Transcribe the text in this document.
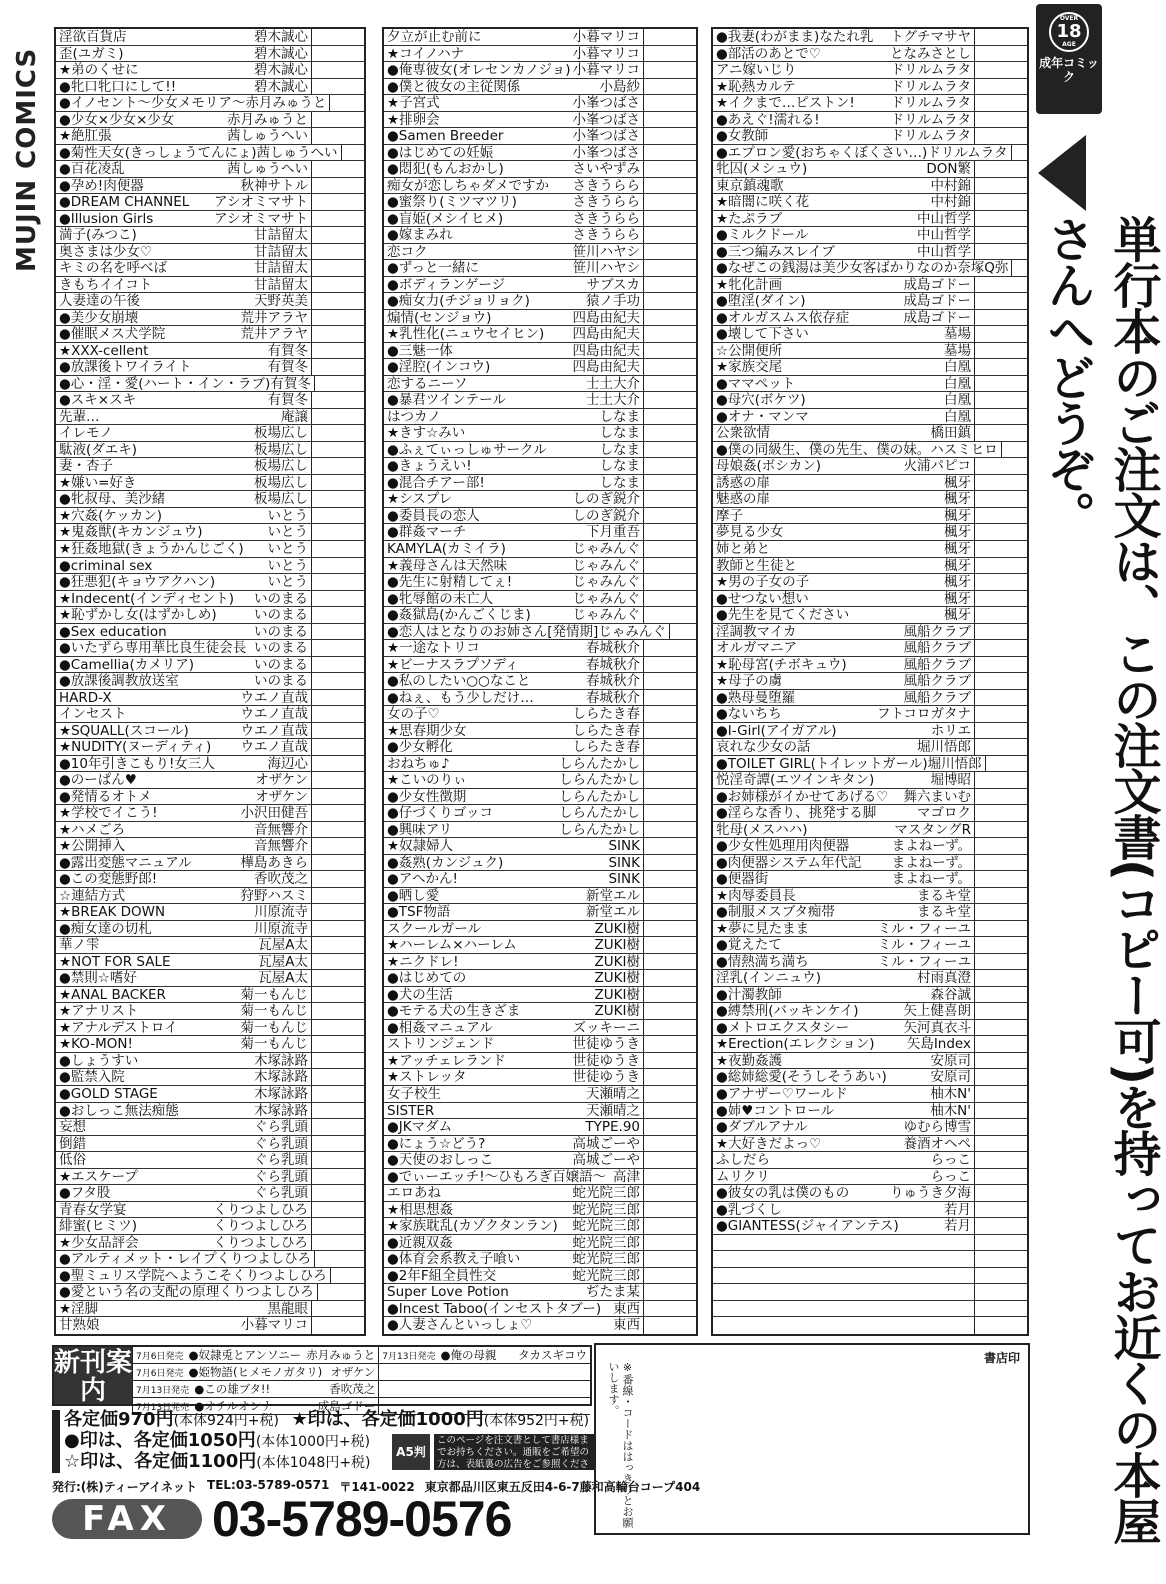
MUJIN COMICS
淫欲百貨店	碧木誠心
歪(ユガミ)	碧木誠心
★弟のくせに	碧木誠心
●牝口牝口にして!!	碧木誠心
●イノセント〜少女メモリア〜 赤月みゅうと
●少女×少女×少女	赤月みゅうと
★絶肛張	茜しゅうへい
●菊性天女(きっしょうてんにょ) 茜しゅうへい
●百花凌乱	茜しゅうへい
●孕め!肉便器	秋神サトル
●DREAM CHANNEL	アシオミマサト
●Illusion Girls	アシオミマサト
満子(みつこ)	甘詰留太
奥さまは少女♡	甘詰留太
キミの名を呼べば	甘詰留太
きもちイイコト	甘詰留太
人妻達の午後	天野英美
●美少女崩壊	荒井アラヤ
●催眠メス犬学院	荒井アラヤ
★XXX-cellent	有賀冬
●放課後トワイライト	有賀冬
●心・淫・愛(ハート・イン・ラブ) 有賀冬
●スキ×スキ	有賀冬
先輩…	庵譲
イレモノ	板場広し
駄液(ダエキ)	板場広し
妻・杏子	板場広し
★嫌い=好き	板場広し
●牝叔母、美沙緒	板場広し
★穴姦(ケッカン)	いとう
★鬼姦獣(キカンジュウ)	いとう
★狂姦地獄(きょうかんじごく)	いとう
●criminal sex	いとう
●狂悪犯(キョウアクハン)	いとう
★Indecent(インディセント)	いのまる
★恥ずかし女(はずかしめ)	いのまる
●Sex education	いのまる
●いたずら専用華比良生徒会長 いのまる
●Camellia(カメリア)	いのまる
●放課後調教放送室	いのまる
HARD-X	ウエノ直哉
インセスト	ウエノ直哉
★SQUALL(スコール)	ウエノ直哉
★NUDITY(ヌーディティ)	ウエノ直哉
●10年引きこもり!女三人	海辺心
●のーぱん♥	オザケン
●発情るオトメ	オザケン
★学校でイこう!	小沢田健吾
★ハメごろ	音無響介
★公開挿入	音無響介
●露出変態マニュアル	樺島あきら
●この変態野郎!	香吹茂之
☆連結方式	狩野ハスミ
★BREAK DOWN	川原流寺
●痴女達の切札	川原流寺
華ノ雫	瓦屋A太
★NOT FOR SALE	瓦屋A太
●禁則☆嗜好	瓦屋A太
★ANAL BACKER	菊一もんじ
★アナリスト	菊一もんじ
★アナルデストロイ	菊一もんじ
★KO-MON!	菊一もんじ
●しょうすい	木塚詠路
●監禁入院	木塚詠路
●GOLD STAGE	木塚詠路
●おしっこ無法痴態	木塚詠路
妄想	ぐら乳頭
倒錯	ぐら乳頭
低俗	ぐら乳頭
★エスケープ	ぐら乳頭
●フタ股	ぐら乳頭
青春女学宴	くりつよしひろ
緋蜜(ヒミツ)	くりつよしひろ
★少女品評会	くりつよしひろ
●アルティメット・レイプ くりつよしひろ
●聖ミュリス学院へようこそ くりつよしひろ
●愛という名の支配の原理 くりつよしひろ
★淫脚	黒龍眼
甘熟娘	小暮マリコ
夕立が止む前に	小暮マリコ
★コイノハナ	小暮マリコ
●俺専彼女(オレセンカノジョ) 小暮マリコ
●僕と彼女の主従関係	小島紗
★子宮式	小峯つばさ
★排卵会	小峯つばさ
●Samen Breeder	小峯つばさ
●はじめての妊娠	小峯つばさ
●悶犯(もんおかし)	さいやずみ
痴女が恋しちゃダメですか	さきうらら
●蜜祭り(ミツマツリ)	さきうらら
●盲姫(メシイヒメ)	さきうらら
●嫁まみれ	さきうらら
恋コク	笹川ハヤシ
●ずっと一緒に	笹川ハヤシ
●ボディランゲージ	サブスカ
●痴女力(チジョリョク)	猿ノ手功
煽情(センジョウ)	四島由紀夫
★乳性化(ニュウセイヒン)	四島由紀夫
●三魅一体	四島由紀夫
●淫腔(インコウ)	四島由紀夫
恋するニーソ	士土大介
●暴君ツインテール	士土大介
はつカノ	しなま
★きす☆みい	しなま
●ふぇてぃっしゅサークル	しなま
●きょうえい!	しなま
●混合チアー部!	しなま
★シスプレ	しのぎ鋭介
●委員長の恋人	しのぎ鋭介
●群姦マーチ	下月重吾
KAMYLA(カミイラ)	じゃみんぐ
★義母さんは天然味	じゃみんぐ
●先生に射精してぇ!	じゃみんぐ
●牝辱館の未亡人	じゃみんぐ
●姦獄島(かんごくじま)	じゃみんぐ
●恋人はとなりのお姉さん[発情期] じゃみんぐ
★一途なトリコ	春城秋介
★ビーナスラプソディ	春城秋介
●私のしたい○○なこと	春城秋介
●ねぇ、もう少しだけ…	春城秋介
女の子♡	しらたき春
★思春期少女	しらたき春
●少女孵化	しらたき春
おねちゅ♪	しらんたかし
★こいのりぃ	しらんたかし
●少女性徴期	しらんたかし
●仔づくりゴッコ	しらんたかし
●興味アリ	しらんたかし
★奴隷婦人	SINK
●姦熟(カンジュク)	SINK
●アへかん!	SINK
●晒し愛	新堂エル
●TSF物語	新堂エル
スクールガール	ZUKI樹
★ハーレム×ハーレム	ZUKI樹
★ニクドレ!	ZUKI樹
●はじめての	ZUKI樹
●犬の生活	ZUKI樹
●モテる犬の生きざま	ZUKI樹
●相姦マニュアル	ズッキーニ
ストリンジェンド	世徒ゆうき
★アッチェレランド	世徒ゆうき
★ストレッタ	世徒ゆうき
女子校生	天瀬晴之
SISTER	天瀬晴之
●JKマダム	TYPE.90
●にょう☆どう?	高城ごーや
●天使のおしっこ	高城ごーや
●でぃーエッチ!〜ひもろぎ百嬢語〜 高津
エロあね	蛇光院三郎
★相思想姦	蛇光院三郎
★家族耽乱(カゾクタンラン)	蛇光院三郎
●近親双姦	蛇光院三郎
●体育会系教え子喰い	蛇光院三郎
●2年F組全員性交	蛇光院三郎
Super Love Potion	ぢたま某
●Incest Taboo(インセストタブー) 東西
●人妻さんといっしょ♡	東西
●我妻(わがまま)なたれ乳	トグチマサヤ
●部活のあとで♡	となみさとし
アニ嫁いじり	ドリルムラタ
★恥熱カルテ	ドリルムラタ
★イクまで…ピストン!	ドリルムラタ
●あえぐ!濡れる!	ドリルムラタ
●女教師	ドリルムラタ
●エプロン愛(おちゃくぼくさい…) ドリルムラタ
牝囚(メシュウ)	DON繁
東京鎮魂歌	中村錦
★暗闇に咲く花	中村錦
★たぷラブ	中山哲学
●ミルクドール	中山哲学
●三つ編みスレイブ	中山哲学
●なぜこの銭湯は美少女客ばかりなのか 奈塚Q弥
★牝化計画	成島ゴドー
●堕淫(ダイン)	成島ゴドー
●オルガスムス依存症	成島ゴドー
●壊して下さい	墓場
☆公開便所	墓場
★家族交尾	白凰
●ママペット	白凰
●母穴(ボケツ)	白凰
●オナ・マンマ	白凰
公衆欲情	橋田鎮
●僕の同級生、僕の先生、僕の妹。 ハスミヒロ
母娘姦(ボシカン)	火浦パピコ
誘惑の扉	楓牙
魅惑の扉	楓牙
摩子	楓牙
夢見る少女	楓牙
姉と弟と	楓牙
教師と生徒と	楓牙
★男の子女の子	楓牙
●せつない想い	楓牙
●先生を見てください	楓牙
淫調教マイカ	風船クラブ
オルガマニア	風船クラブ
★恥母宮(チボキュウ)	風船クラブ
★母子の虜	風船クラブ
●熟母曼堕羅	風船クラブ
●ないちち	フトコロガタナ
●I-Girl(アイガアル)	ホリエ
哀れな少女の話	堀川悟郎
●TOILET GIRL(トイレットガール) 堀川悟郎
悦淫奇譚(エツインキタン)	堀博昭
●お姉様がイかせてあげる♡	舞六まいむ
●淫らな香り、挑発する脚	マゴロク
牝母(メスハハ)	マスタングR
●少女性処理用肉便器	まよねーず。
●肉便器システム年代記	まよねーず。
●便器街	まよねーず。
★肉辱委員長	まるキ堂
●制服メスブタ痴帯	まるキ堂
★夢に見たまま	ミル・フィーユ
●覚えたて	ミル・フィーユ
●情熱満ち満ち	ミル・フィーユ
淫乳(インニュウ)	村雨真澄
●汁濁教師	森谷誠
●縛禁刑(バッキンケイ)	矢上健喜朗
●メトロエクスタシー	矢河真衣斗
★Erection(エレクション)	矢島Index
★夜勤姦護	安原司
●総姉総愛(そうしそうあい)	安原司
●アナザー♡ワールド	柚木N'
●姉♥コントロール	柚木N'
●ダブルアナル	ゆむら博雪
★大好きだよっ♡	養酒オヘペ
ふしだら	らっこ
ムリクリ	らっこ
●彼女の乳は僕のもの	りゅうき夕海
●乳づくし	若月
●GIANTESS(ジャイアンテス)	若月
OVER
18
AGE
成年コミック
単行本のご注文は、この注文書(コピー可)を持ってお近くの本屋さんへどうぞ。
新刊案内
7月6日発売 ●奴隷兎とアンソニー 赤月みゅうと 7月13日発売 ●俺の母親 タカスギコウ
7月6日発売 ●姫物語(ヒメモノガタリ) オザケン
7月13日発売 ●この雄ブタ!!	香吹茂之
7月13日発売 ●オチルオンナ	成島ゴドー
各定価970円(本体924円+税) ★印は、各定価1000円(本体952円+税)
●印は、各定価1050円(本体1000円+税)
☆印は、各定価1100円(本体1048円+税)
A5判
このページを注文書として書店様までお持ちください。通販をご希望の方は、表紙裏の広告をご参照ください。
発行:(株)ティーアイネット TEL:03-5789-0571 〒141-0022 東京都品川区東五反田4-6-7藤和高輪台コープ404
FAX 03-5789-0576
書店印
※番線・コードははっきりとお願いします。
